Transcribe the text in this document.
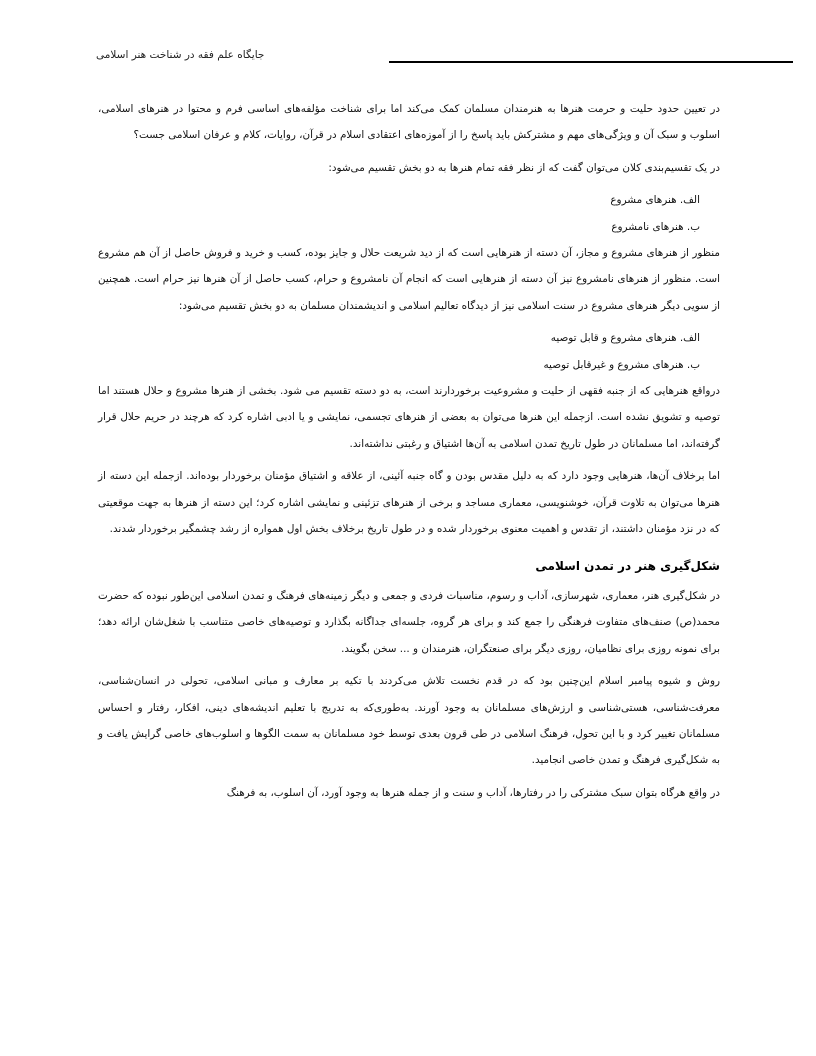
جایگاه علم فقه در شناخت هنر اسلامی

در تعیین حدود حلیت و حرمت هنرها به هنرمندان مسلمان کمک می‌کند اما برای شناخت مؤلفه‌های اساسی فرم و محتوا در هنرهای اسلامی، اسلوب و سبک آن و ویژگی‌های مهم و مشترکش باید پاسخ را از آموزه‌های اعتقادی اسلام در قرآن، روایات، کلام و عرفان اسلامی جست؟

در یک تقسیم‌بندی کلان می‌توان گفت که از نظر فقه تمام هنرها به دو بخش تقسیم می‌شود:

الف. هنرهای مشروع
ب. هنرهای نامشروع

منظور از هنرهای مشروع و مجاز، آن دسته از هنرهایی است که از دید شریعت حلال و جایز بوده، کسب و خرید و فروش حاصل از آن هم مشروع است. منظور از هنرهای نامشروع نیز آن دسته از هنرهایی است که انجام آن نامشروع و حرام، کسب حاصل از آن هنرها نیز حرام است. همچنین از سویی دیگر هنرهای مشروع در سنت اسلامی نیز از دیدگاه تعالیم اسلامی و اندیشمندان مسلمان به دو بخش تقسیم می‌شود:

الف. هنرهای مشروع و قابل توصیه
ب. هنرهای مشروع و غیرقابل توصیه

درواقع هنرهایی که از جنبه فقهی از حلیت و مشروعیت برخوردارند است، به دو دسته تقسیم می شود. بخشی از هنرها مشروع و حلال هستند اما توصیه و تشویق نشده است. ازجمله این هنرها می‌توان به بعضی از هنرهای تجسمی، نمایشی و یا ادبی اشاره کرد که هرچند در حریم حلال قرار گرفته‌اند، اما مسلمانان در طول تاریخ تمدن اسلامی به آن‌ها اشتیاق و رغبتی نداشته‌اند.

اما برخلاف آن‌ها، هنرهایی وجود دارد که به دلیل مقدس بودن و گاه جنبه آئینی، از علاقه و اشتیاق مؤمنان برخوردار بوده‌اند. ازجمله این دسته از هنرها می‌توان به تلاوت قرآن، خوشنویسی، معماری مساجد و برخی از هنرهای تزئینی و نمایشی اشاره کرد؛ این دسته از هنرها به جهت موقعیتی که در نزد مؤمنان داشتند، از تقدس و اهمیت معنوی برخوردار شده و در طول تاریخ برخلاف بخش اول همواره از رشد چشمگیر برخوردار شدند.

شکل‌گیری هنر در تمدن اسلامی

در شکل‌گیری هنر، معماری، شهرسازی، آداب و رسوم، مناسبات فردی و جمعی و دیگر زمینه‌های فرهنگ و تمدن اسلامی این‌طور نبوده که حضرت محمد(ص) صنف‌های متفاوت فرهنگی را جمع کند و برای هر گروه، جلسه‌ای جداگانه بگذارد و توصیه‌های خاصی متناسب با شغل‌شان ارائه دهد؛ برای نمونه روزی برای نظامیان، روزی دیگر برای صنعتگران، هنرمندان و ... سخن بگویند.

روش و شیوه پیامبر اسلام این‌چنین بود که در قدم نخست تلاش می‌کردند با تکیه بر معارف و مبانی اسلامی، تحولی در انسان‌شناسی، معرفت‌شناسی، هستی‌شناسی و ارزش‌های مسلمانان به وجود آورند. به‌طوری‌که به تدریج با تعلیم اندیشه‌های دینی، افکار، رفتار و احساس مسلمانان تغییر کرد و با این تحول، فرهنگ اسلامی در طی قرون بعدی توسط خود مسلمانان به سمت الگوها و اسلوب‌های خاصی گرایش یافت و به شکل‌گیری فرهنگ و تمدن خاصی انجامید.

در واقع هرگاه بتوان سبک مشترکی را در رفتارها، آداب و سنت و از جمله هنرها به وجود آورد، آن اسلوب، به فرهنگ
